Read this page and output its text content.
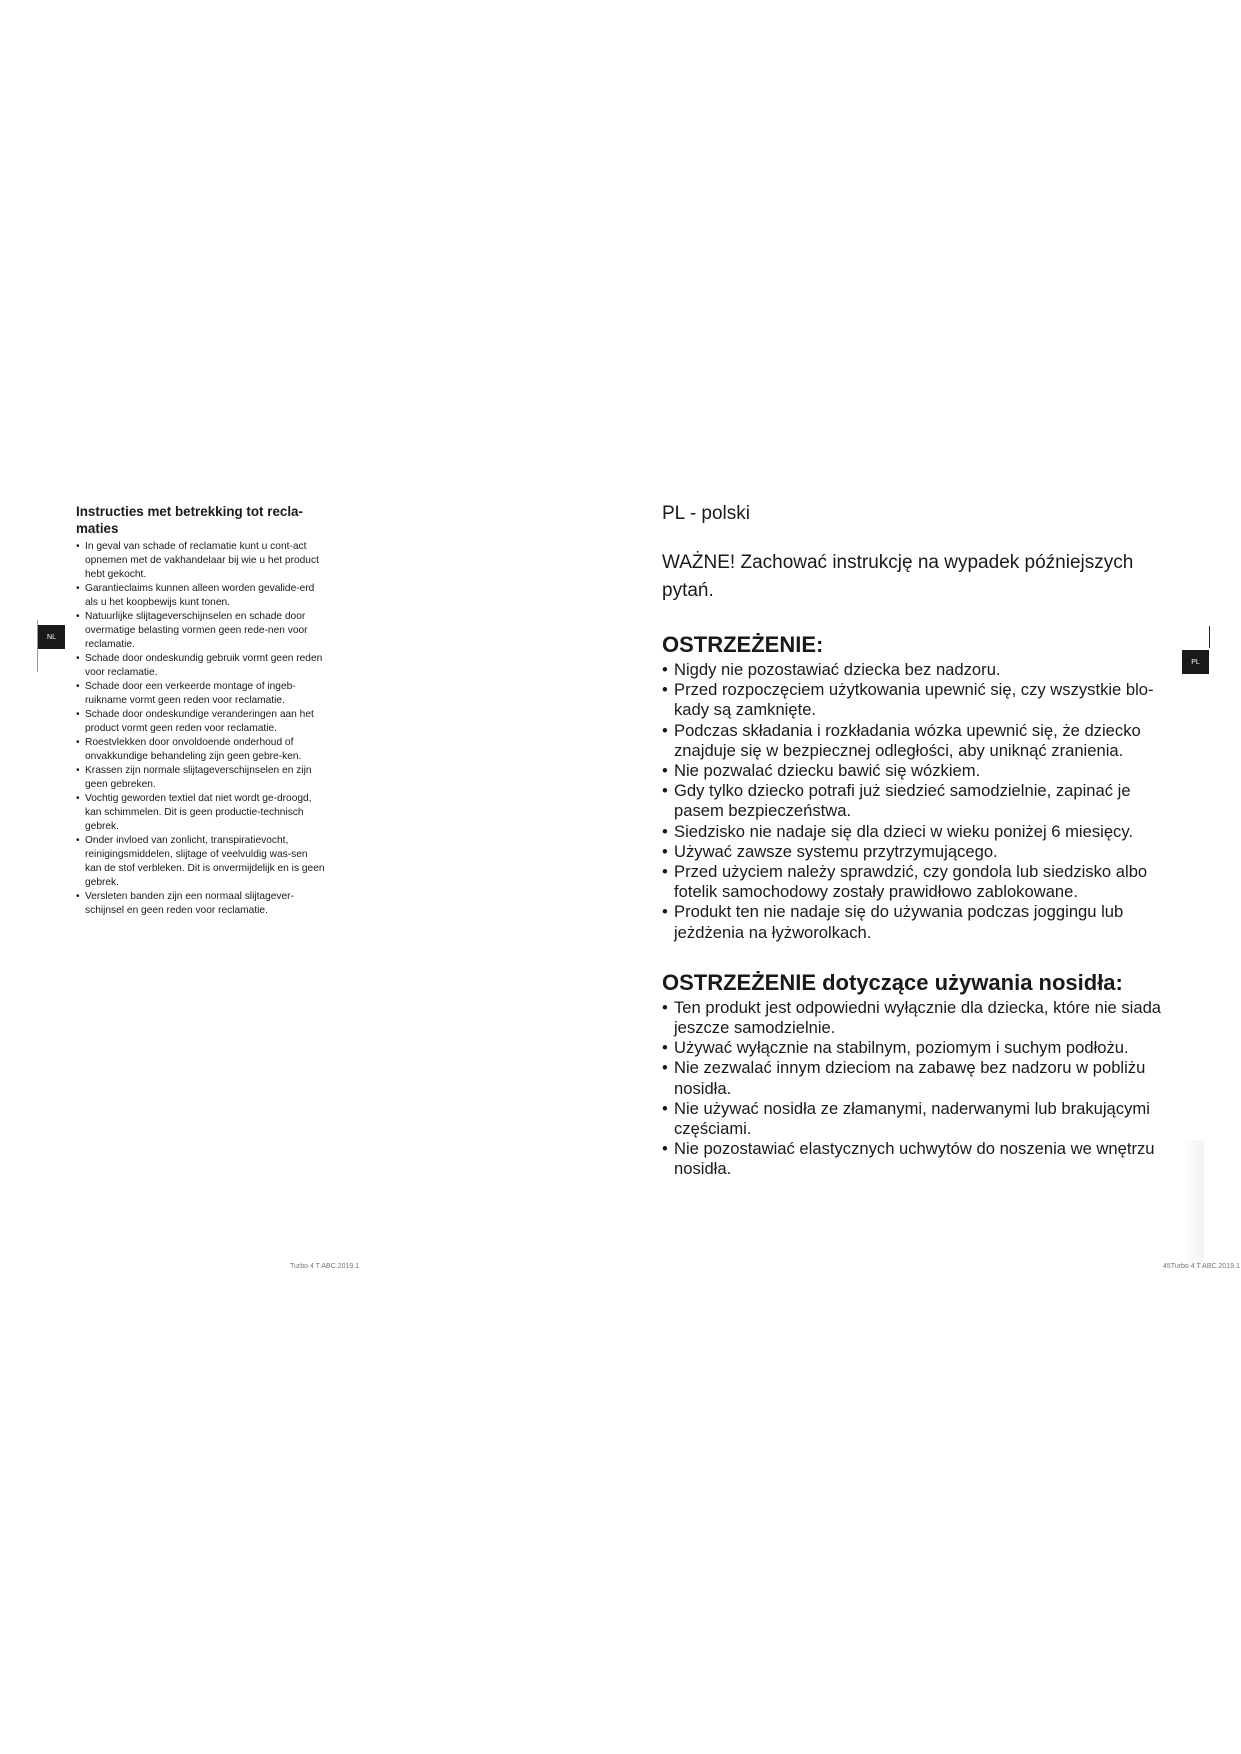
NL

Instructies met betrekking tot recla-maties

• In geval van schade of reclamatie kunt u cont-act opnemen met de vakhandelaar bij wie u het product hebt gekocht.
• Garantieclaims kunnen alleen worden gevalide-erd als u het koopbewijs kunt tonen.
• Natuurlijke slijtageverschijnselen en schade door overmatige belasting vormen geen rede-nen voor reclamatie.
• Schade door ondeskundig gebruik vormt geen reden voor reclamatie.
• Schade door een verkeerde montage of ingeb-ruikname vormt geen reden voor reclamatie.
• Schade door ondeskundige veranderingen aan het product vormt geen reden voor reclamatie.
• Roestvlekken door onvoldoende onderhoud of onvakkundige behandeling zijn geen gebre-ken.
• Krassen zijn normale slijtageverschijnselen en zijn geen gebreken.
• Vochtig geworden textiel dat niet wordt ge-droogd, kan schimmelen. Dit is geen productie-technisch gebrek.
• Onder invloed van zonlicht, transpiratievocht, reinigingsmiddelen, slijtage of veelvuldig was-sen kan de stof verbleken. Dit is onvermijdelijk en is geen gebrek.
• Versleten banden zijn een normaal slijtagever-schijnsel en geen reden voor reclamatie.
Turbo 4 T ABC.2019.1
PL

PL - polski

WAŻNE! Zachować instrukcję na wypadek późniejszych pytań.

OSTRZEŻENIE:
• Nigdy nie pozostawiać dziecka bez nadzoru.
• Przed rozpoczęciem użytkowania upewnić się, czy wszystkie blo-kady są zamknięte.
• Podczas składania i rozkładania wózka upewnić się, że dziecko znajduje się w bezpiecznej odległości, aby uniknąć zranienia.
• Nie pozwalać dziecku bawić się wózkiem.
• Gdy tylko dziecko potrafi już siedzieć samodzielnie, zapinać je pasem bezpieczeństwa.
• Siedzisko nie nadaje się dla dzieci w wieku poniżej 6 miesięcy.
• Używać zawsze systemu przytrzymującego.
• Przed użyciem należy sprawdzić, czy gondola lub siedzisko albo fotelik samochodowy zostały prawidłowo zablokowane.
• Produkt ten nie nadaje się do używania podczas joggingu lub jeżdżenia na łyżworolkach.
OSTRZEŻENIE dotyczące używania nosidła:
• Ten produkt jest odpowiedni wyłącznie dla dziecka, które nie siada jeszcze samodzielnie.
• Używać wyłącznie na stabilnym, poziomym i suchym podłożu.
• Nie zezwalać innym dzieciom na zabawę bez nadzoru w pobliżu nosidła.
• Nie używać nosidła ze złamanymi, naderwanymi lub brakującymi częściami.
• Nie pozostawiać elastycznych uchwytów do noszenia we wnętrzu nosidła.
45Turbo 4 T ABC.2019.1
